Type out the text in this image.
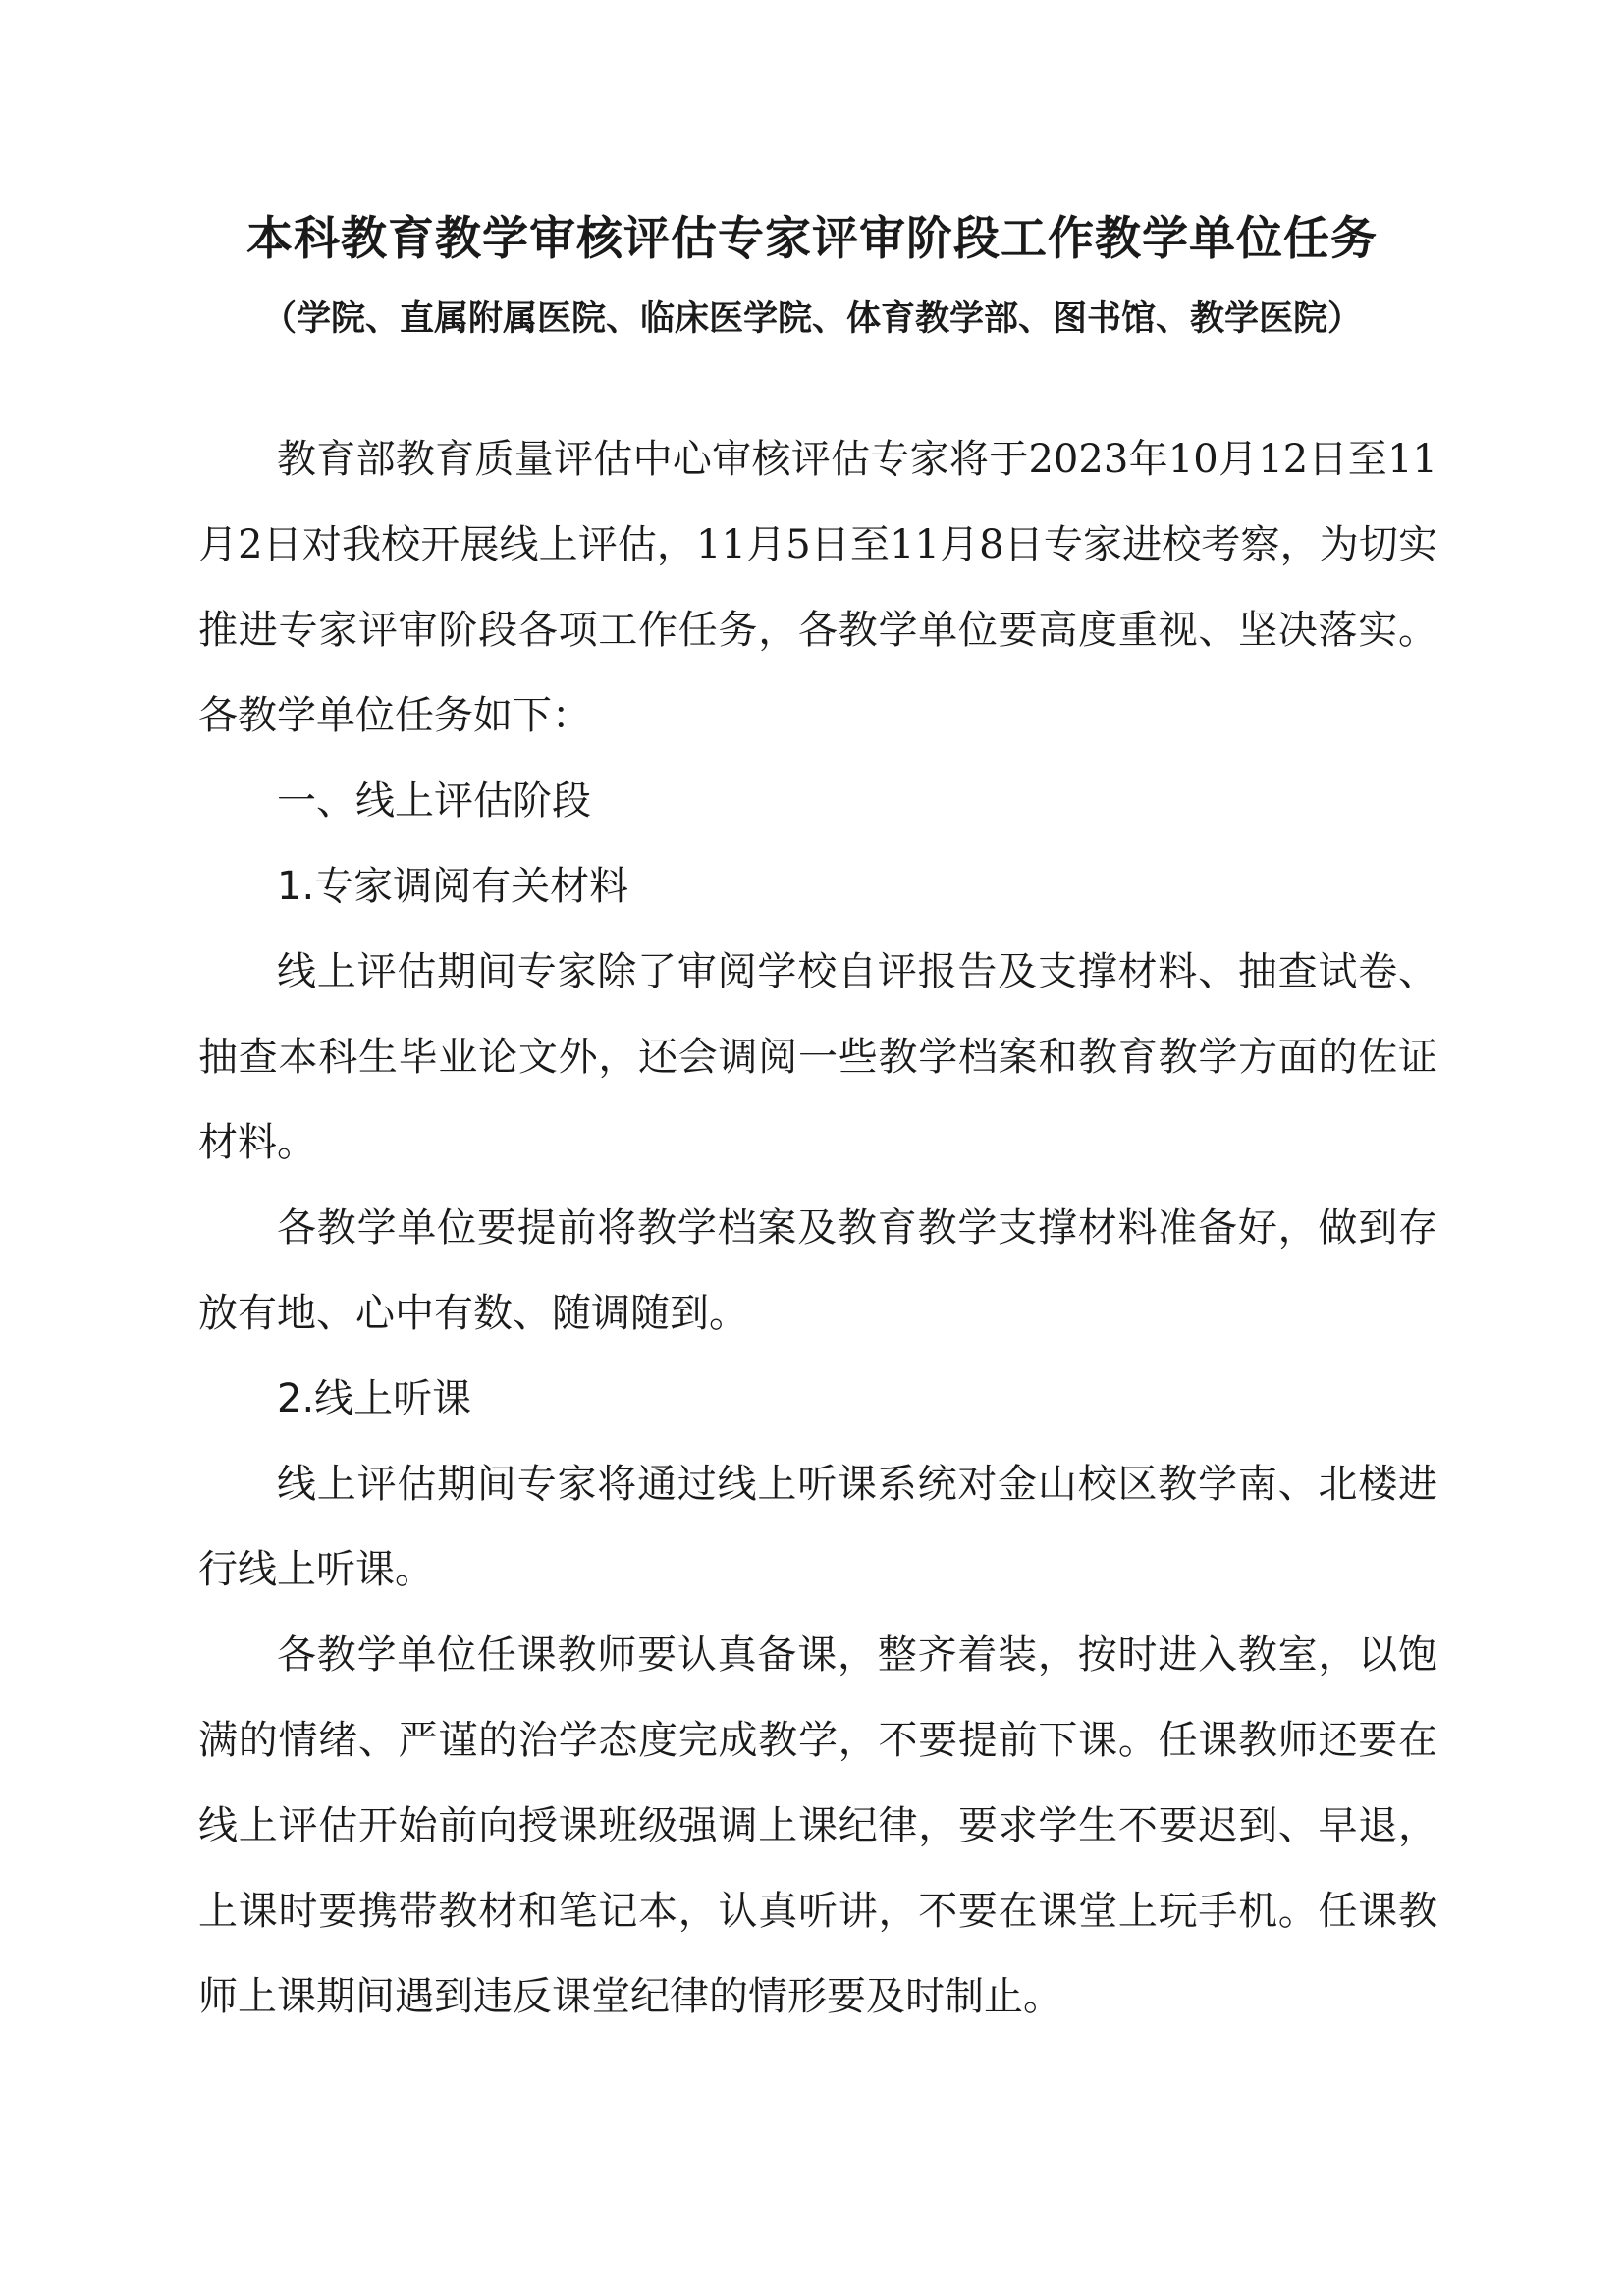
本科教育教学审核评估专家评审阶段工作教学单位任务
（学院、直属附属医院、临床医学院、体育教学部、图书馆、教学医院）

教育部教育质量评估中心审核评估专家将于2023年10月12日至11月2日对我校开展线上评估，11月5日至11月8日专家进校考察，为切实推进专家评审阶段各项工作任务，各教学单位要高度重视、坚决落实。各教学单位任务如下：

一、线上评估阶段
1.专家调阅有关材料

线上评估期间专家除了审阅学校自评报告及支撑材料、抽查试卷、抽查本科生毕业论文外，还会调阅一些教学档案和教育教学方面的佐证材料。

各教学单位要提前将教学档案及教育教学支撑材料准备好，做到存放有地、心中有数、随调随到。

2.线上听课

线上评估期间专家将通过线上听课系统对金山校区教学南、北楼进行线上听课。

各教学单位任课教师要认真备课，整齐着装，按时进入教室，以饱满的情绪、严谨的治学态度完成教学，不要提前下课。任课教师还要在线上评估开始前向授课班级强调上课纪律，要求学生不要迟到、早退，上课时要携带教材和笔记本，认真听讲，不要在课堂上玩手机。任课教师上课期间遇到违反课堂纪律的情形要及时制止。
